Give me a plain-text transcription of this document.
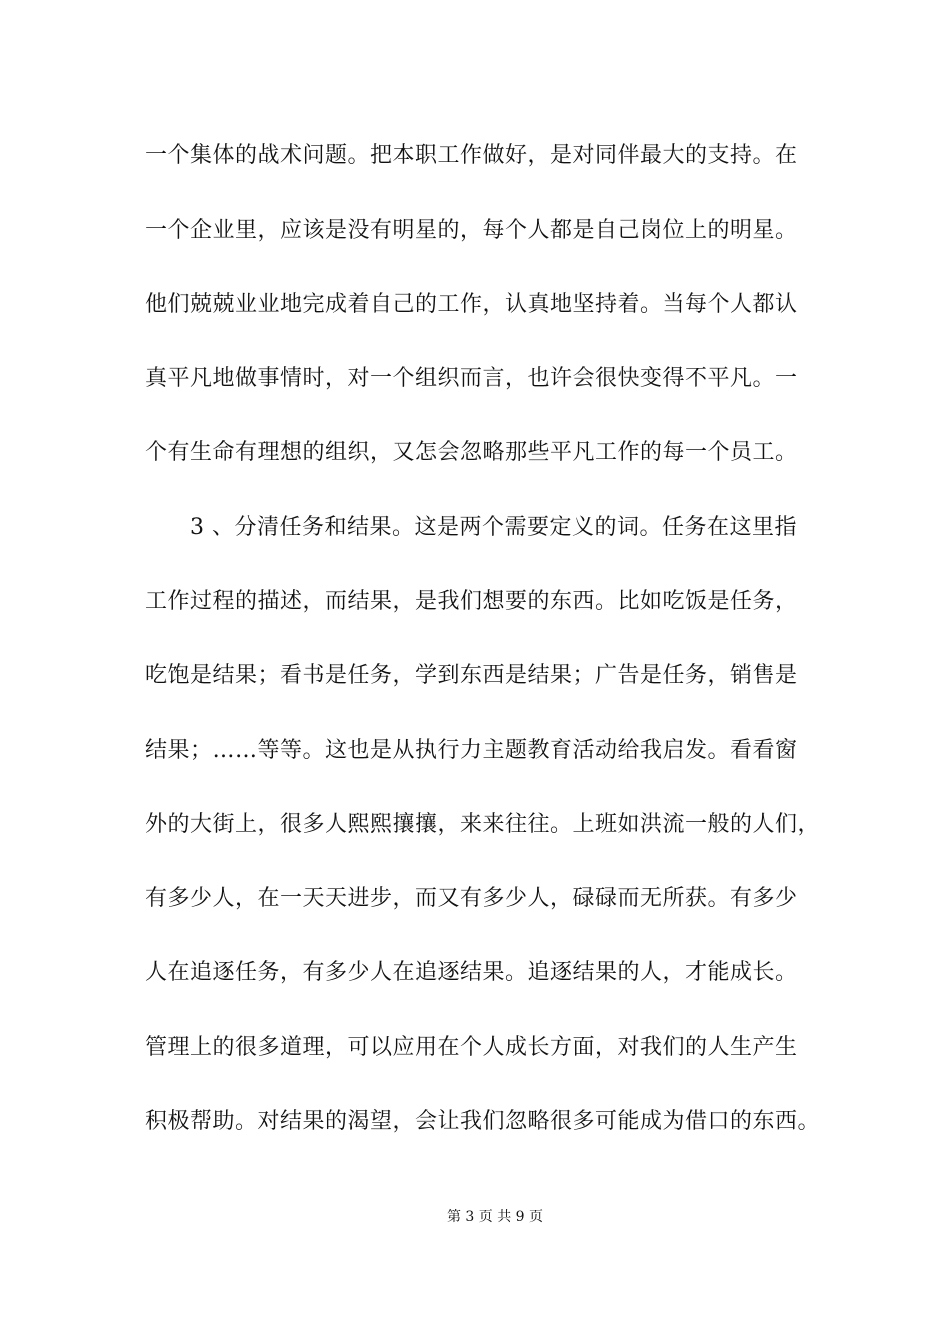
一个集体的战术问题。把本职工作做好，是对同伴最大的支持。在
一个企业里，应该是没有明星的，每个人都是自己岗位上的明星。
他们兢兢业业地完成着自己的工作，认真地坚持着。当每个人都认
真平凡地做事情时，对一个组织而言，也许会很快变得不平凡。一
个有生命有理想的组织，又怎会忽略那些平凡工作的每一个员工。
3 、分清任务和结果。这是两个需要定义的词。任务在这里指
工作过程的描述，而结果，是我们想要的东西。比如吃饭是任务，
吃饱是结果；看书是任务，学到东西是结果；广告是任务，销售是
结果；……等等。这也是从执行力主题教育活动给我启发。看看窗
外的大街上，很多人熙熙攘攘，来来往往。上班如洪流一般的人们，
有多少人，在一天天进步，而又有多少人，碌碌而无所获。有多少
人在追逐任务，有多少人在追逐结果。追逐结果的人，才能成长。
管理上的很多道理，可以应用在个人成长方面，对我们的人生产生
积极帮助。对结果的渴望，会让我们忽略很多可能成为借口的东西。
第 3 页 共 9 页
